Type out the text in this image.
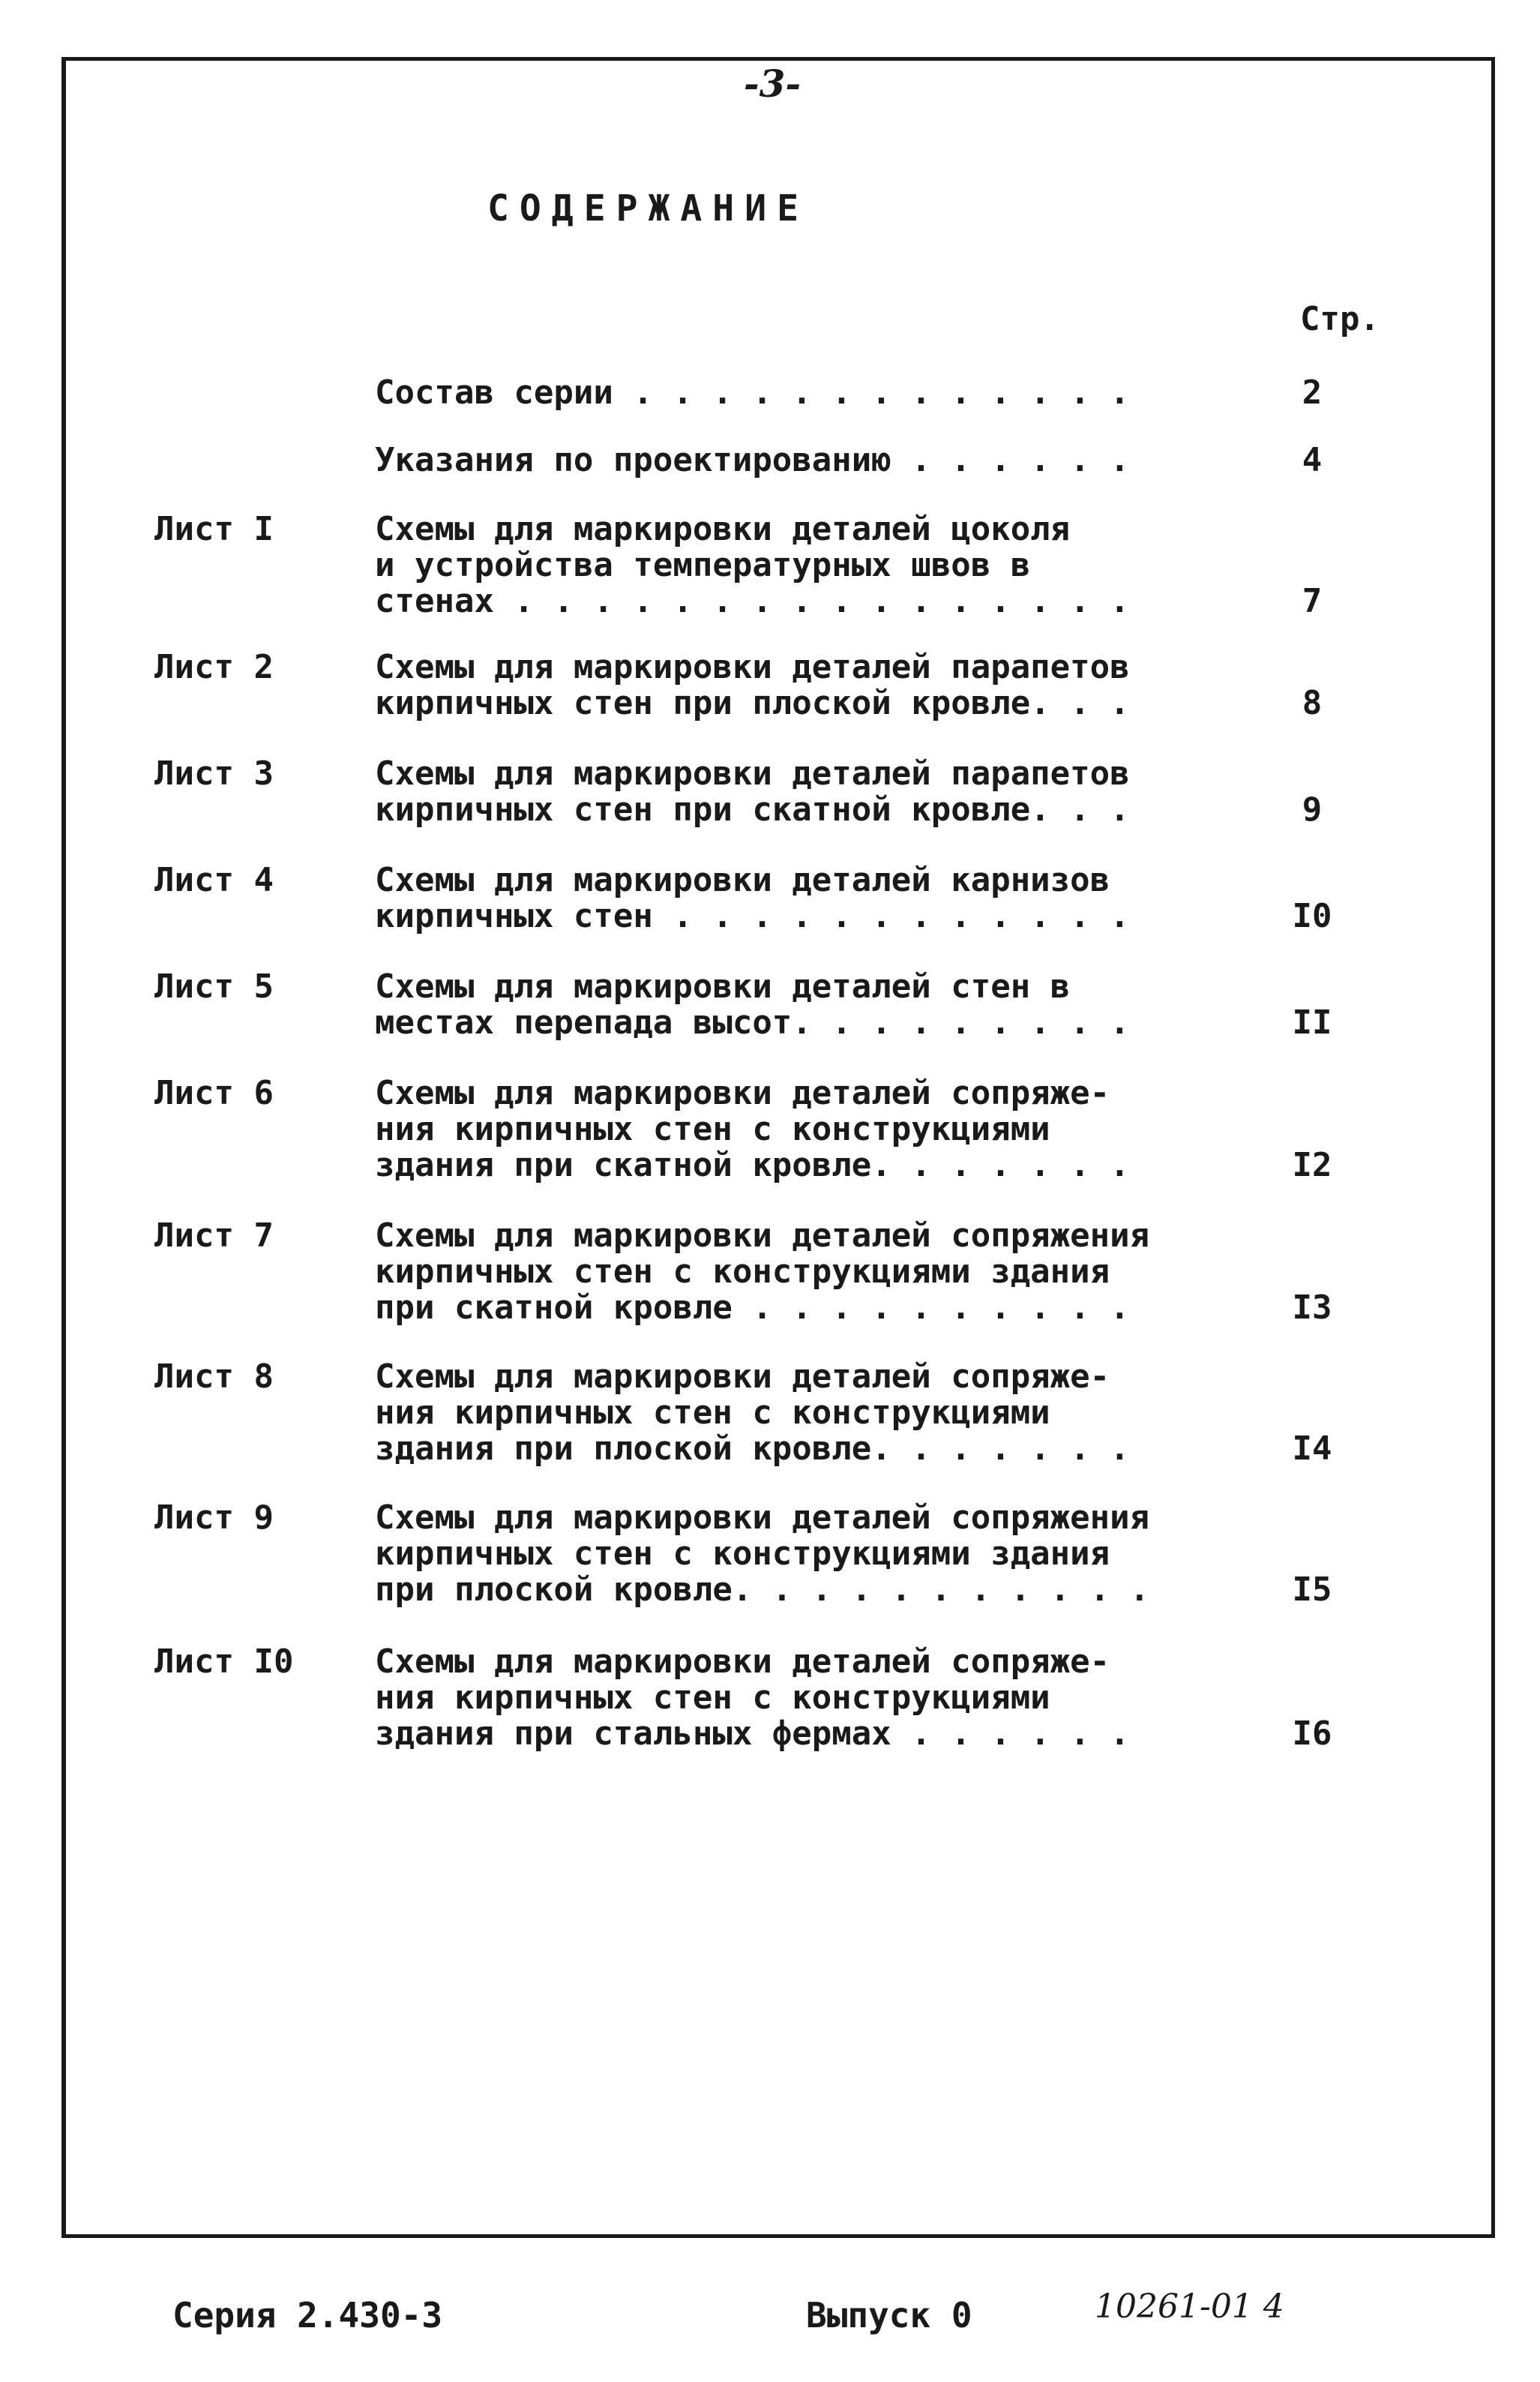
-3-
СОДЕРЖАНИЕ
Стр.
Состав серии . . . . . . . . . . . . .	2
Указания по проектированию . . . . . .	4
Лист I	Схемы для маркировки деталей цоколя
и устройства температурных швов в
стенах . . . . . . . . . . . . . . . .	7
Лист 2	Схемы для маркировки деталей парапетов
кирпичных стен при плоской кровле. . .	8
Лист 3	Схемы для маркировки деталей парапетов
кирпичных стен при скатной кровле. . .	9
Лист 4	Схемы для маркировки деталей карнизов
кирпичных стен . . . . . . . . . . . .	I0
Лист 5	Схемы для маркировки деталей стен в
местах перепада высот. . . . . . . . .	II
Лист 6	Схемы для маркировки деталей сопряже-
ния кирпичных стен с конструкциями
здания при скатной кровле. . . . . . .	I2
Лист 7	Схемы для маркировки деталей сопряжения
кирпичных стен с конструкциями здания
при скатной кровле . . . . . . . . . .	I3
Лист 8	Схемы для маркировки деталей сопряже-
ния кирпичных стен с конструкциями
здания при плоской кровле. . . . . . .	I4
Лист 9	Схемы для маркировки деталей сопряжения
кирпичных стен с конструкциями здания
при плоской кровле. . . . . . . . . . .	I5
Лист I0	Схемы для маркировки деталей сопряже-
ния кирпичных стен с конструкциями
здания при стальных фермах . . . . . .	I6
Серия 2.430-3	Выпуск 0	10261-01 4
